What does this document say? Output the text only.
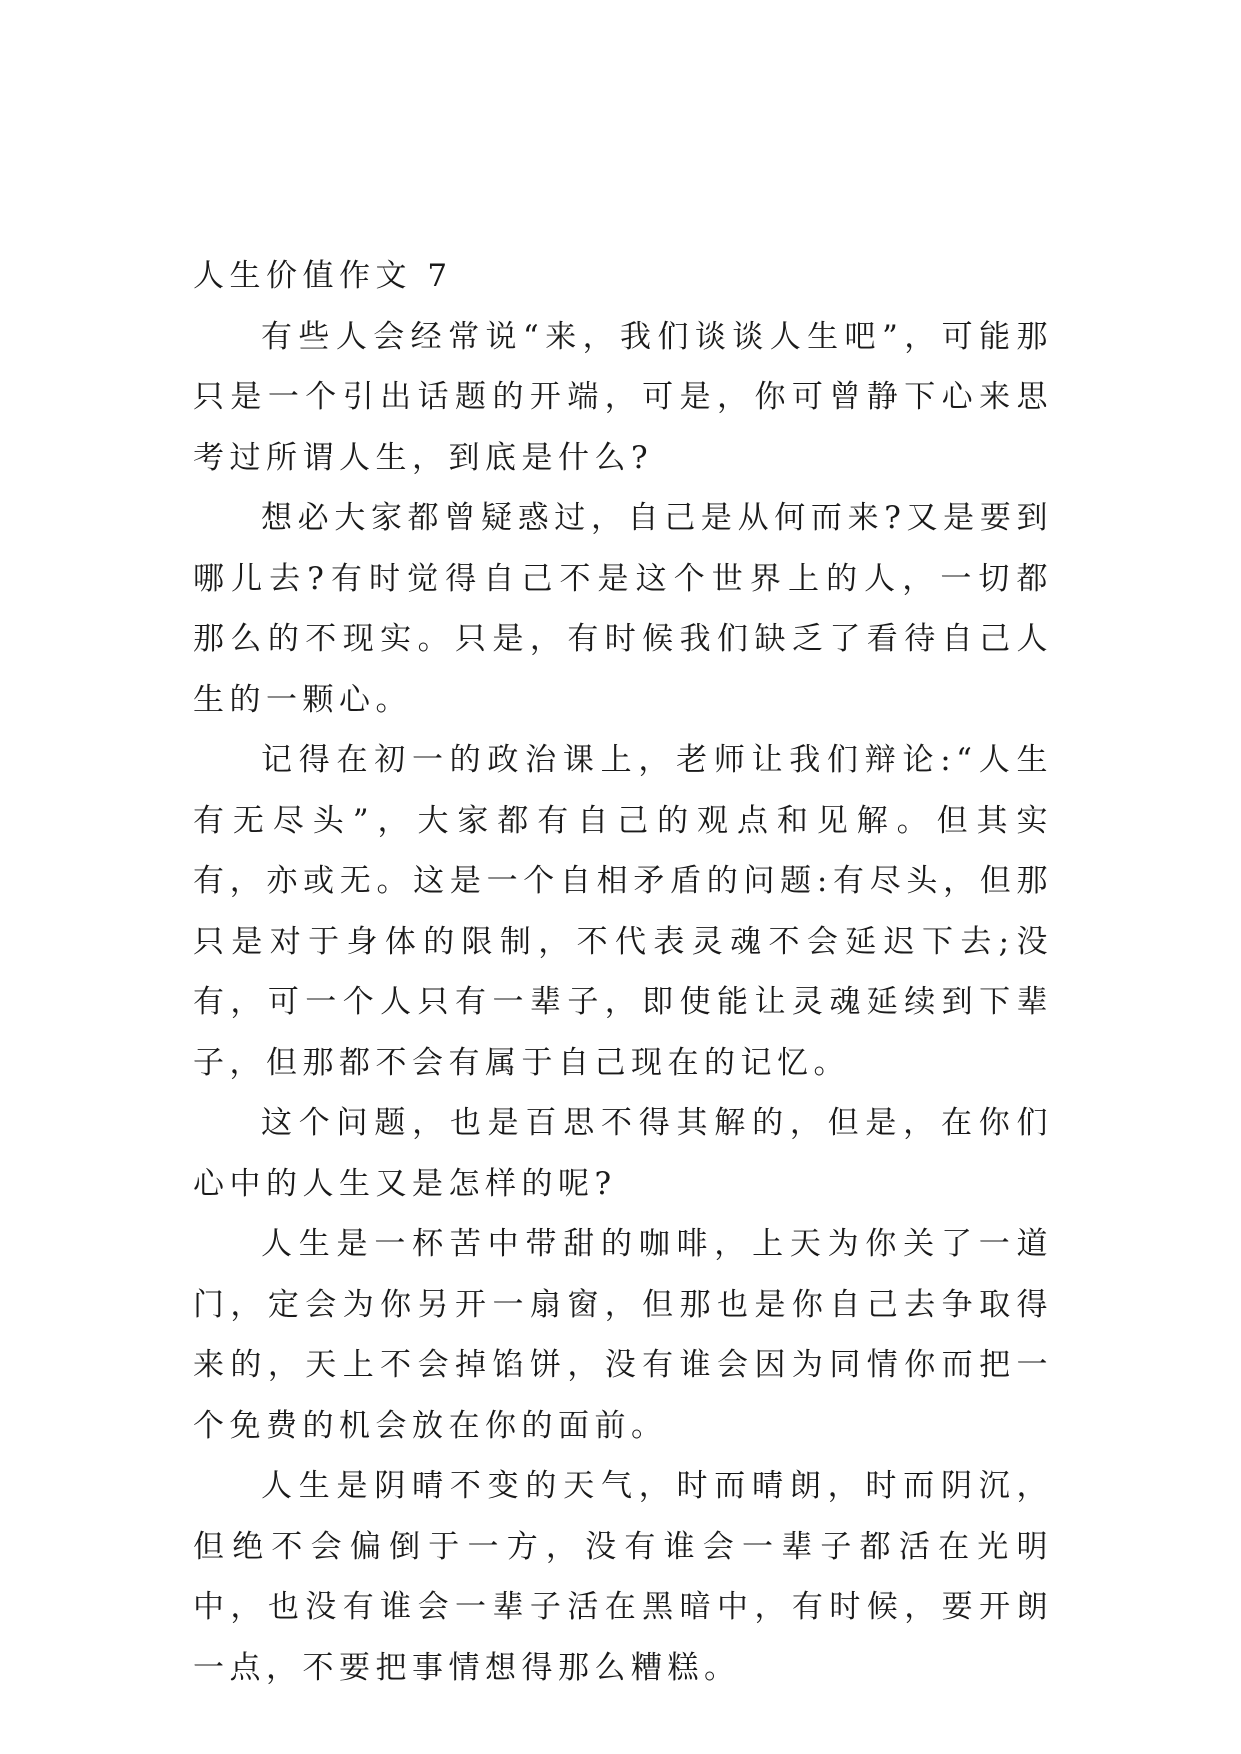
人生价值作文 7

有些人会经常说“来，我们谈谈人生吧”，可能那只是一个引出话题的开端，可是，你可曾静下心来思考过所谓人生，到底是什么?

想必大家都曾疑惑过，自己是从何而来?又是要到哪儿去?有时觉得自己不是这个世界上的人，一切都那么的不现实。只是，有时候我们缺乏了看待自己人生的一颗心。

记得在初一的政治课上，老师让我们辩论:“人生有无尽头”，大家都有自己的观点和见解。但其实有，亦或无。这是一个自相矛盾的问题:有尽头，但那只是对于身体的限制，不代表灵魂不会延迟下去;没有，可一个人只有一辈子，即使能让灵魂延续到下辈子，但那都不会有属于自己现在的记忆。

这个问题，也是百思不得其解的，但是，在你们心中的人生又是怎样的呢?

人生是一杯苦中带甜的咖啡，上天为你关了一道门，定会为你另开一扇窗，但那也是你自己去争取得来的，天上不会掉馅饼，没有谁会因为同情你而把一个免费的机会放在你的面前。

人生是阴晴不变的天气，时而晴朗，时而阴沉，但绝不会偏倒于一方，没有谁会一辈子都活在光明中，也没有谁会一辈子活在黑暗中，有时候，要开朗一点，不要把事情想得那么糟糕。
